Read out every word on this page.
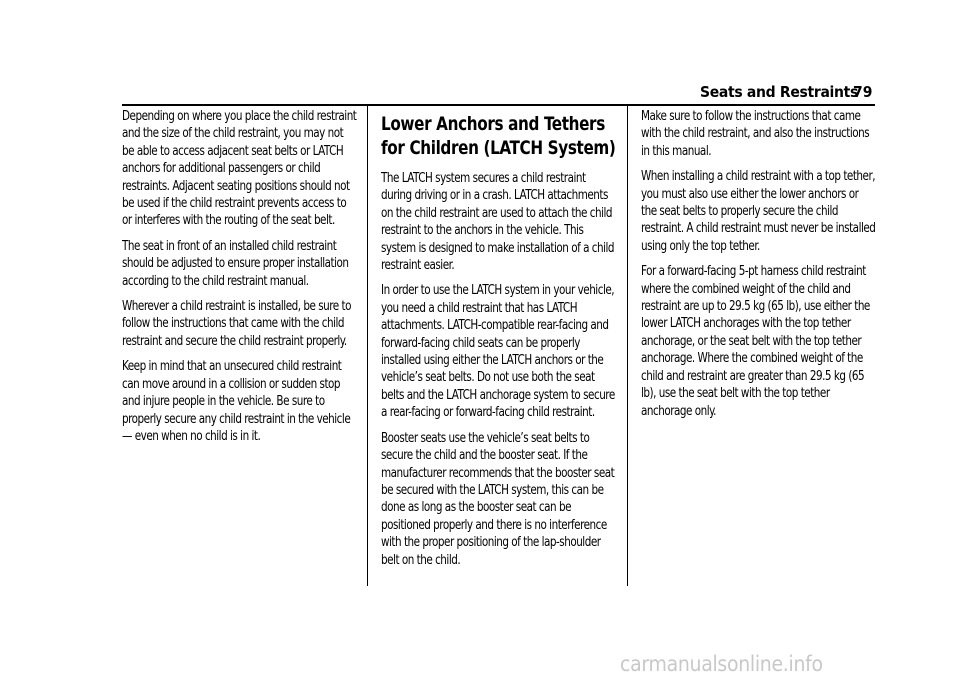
Seats and Restraints
79

Depending on where you place the child restraint and the size of the child restraint, you may not be able to access adjacent seat belts or LATCH anchors for additional passengers or child restraints. Adjacent seating positions should not be used if the child restraint prevents access to or interferes with the routing of the seat belt.

The seat in front of an installed child restraint should be adjusted to ensure proper installation according to the child restraint manual.

Wherever a child restraint is installed, be sure to follow the instructions that came with the child restraint and secure the child restraint properly.

Keep in mind that an unsecured child restraint can move around in a collision or sudden stop and injure people in the vehicle. Be sure to properly secure any child restraint in the vehicle — even when no child is in it.

Lower Anchors and Tethers for Children (LATCH System)

The LATCH system secures a child restraint during driving or in a crash. LATCH attachments on the child restraint are used to attach the child restraint to the anchors in the vehicle. This system is designed to make installation of a child restraint easier.

In order to use the LATCH system in your vehicle, you need a child restraint that has LATCH attachments. LATCH-compatible rear-facing and forward-facing child seats can be properly installed using either the LATCH anchors or the vehicle’s seat belts. Do not use both the seat belts and the LATCH anchorage system to secure a rear-facing or forward-facing child restraint.

Booster seats use the vehicle’s seat belts to secure the child and the booster seat. If the manufacturer recommends that the booster seat be secured with the LATCH system, this can be done as long as the booster seat can be positioned properly and there is no interference with the proper positioning of the lap-shoulder belt on the child.

Make sure to follow the instructions that came with the child restraint, and also the instructions in this manual.

When installing a child restraint with a top tether, you must also use either the lower anchors or the seat belts to properly secure the child restraint. A child restraint must never be installed using only the top tether.

For a forward-facing 5-pt harness child restraint where the combined weight of the child and restraint are up to 29.5 kg (65 lb), use either the lower LATCH anchorages with the top tether anchorage, or the seat belt with the top tether anchorage. Where the combined weight of the child and restraint are greater than 29.5 kg (65 lb), use the seat belt with the top tether anchorage only.

carmanualsonline.info
